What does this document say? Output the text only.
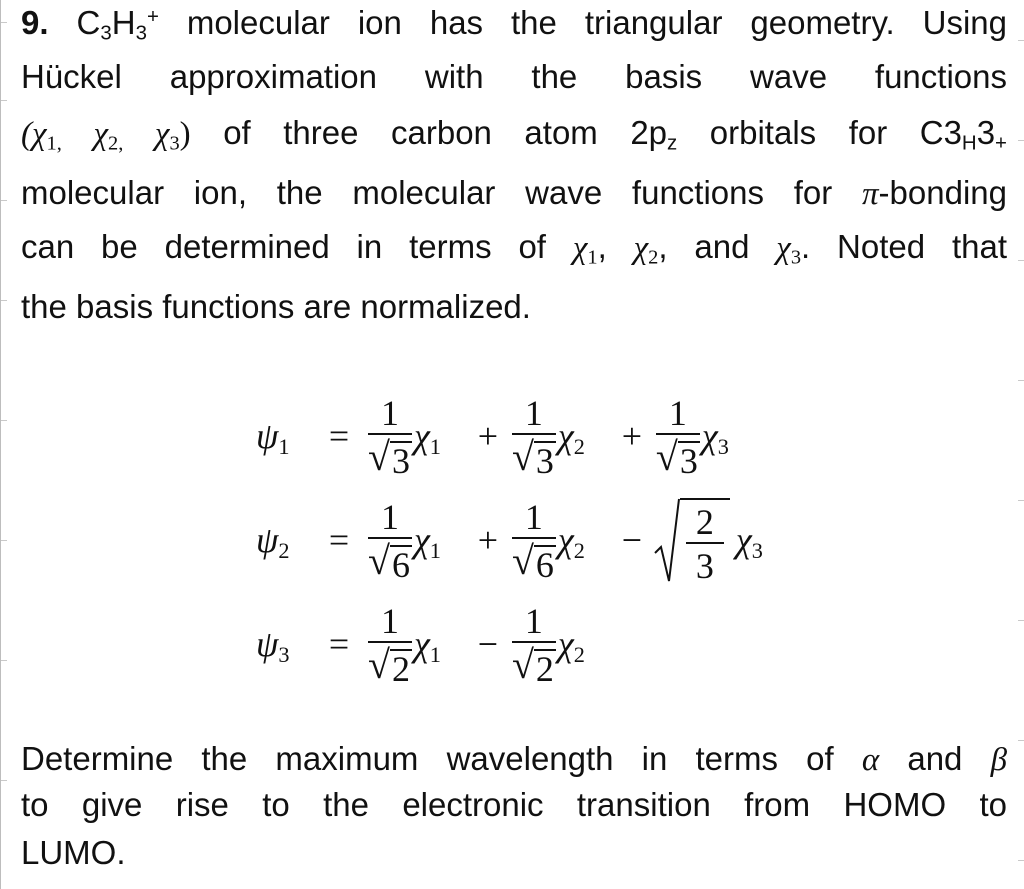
9. $C_3H_3^+$ molecular ion has the triangular geometry. Using
Hückel approximation with the basis wave functions
($\chi_{1,}$ $\chi_{2,}$ $\chi_3$) of three carbon atom $2p_z$ orbitals for $C3_H3_+$
molecular ion, the molecular wave functions for π-bonding
can be determined in terms of $\chi_1$, $\chi_2$, and $\chi_3$. Noted that
the basis functions are normalized.
$\psi_1$	= $\frac{1}{√ 3} \chi_1$	+ $\frac{1}{√ 3} \chi_2$	+ $\frac{1}{√ 3} \chi_3$
$\psi_2$	= $\frac{1}{√ 6} \chi_1$	+ $\frac{1}{√ 6} \chi_2$	−	$\frac{2}{3} \chi_3$
$\psi_3$	= $\frac{1}{√ 2} \chi_1$	− $\frac{1}{√ 2} \chi_2$
Determine the maximum wavelength in terms of α and β
to give rise to the electronic transition from HOMO to
LUMO.
